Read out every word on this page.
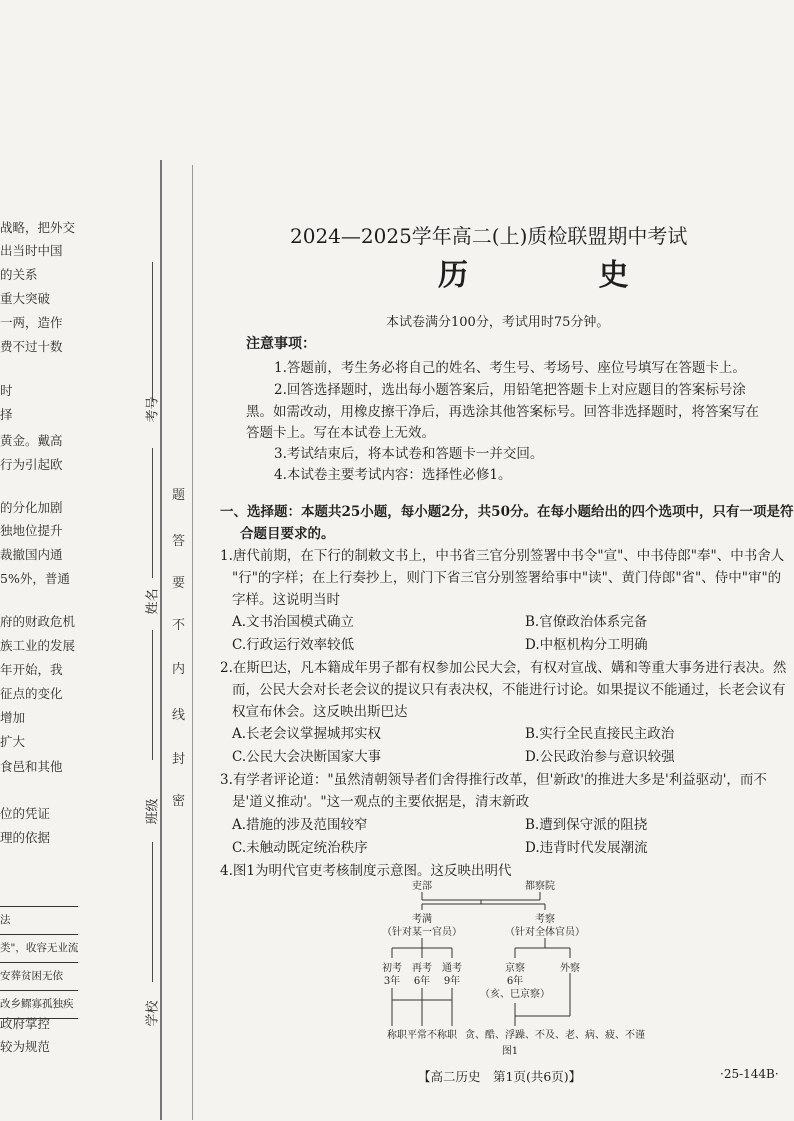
战略，把外交
出当时中国
的关系
重大突破
一两，造作
费不过十数
时
择
黄金。戴高
行为引起欧
的分化加剧
独地位提升
裁撤国内通
5%外，普通
府的财政危机
族工业的发展
年开始，我
征点的变化
增加
扩大
食邑和其他
位的凭证
理的依据
政府掌控
较为规范
法
类"，收容无业流
安葬贫困无依
改乡鳏寡孤独疾
考号
姓名
班级
学校
题
答
要
不
内
线
封
密
2024—2025学年高二(上)质检联盟期中考试
历 史
本试卷满分100分，考试用时75分钟。
注意事项：
1.答题前，考生务必将自己的姓名、考生号、考场号、座位号填写在答题卡上。
2.回答选择题时，选出每小题答案后，用铅笔把答题卡上对应题目的答案标号涂
黑。如需改动，用橡皮擦干净后，再选涂其他答案标号。回答非选择题时，将答案写在
答题卡上。写在本试卷上无效。
3.考试结束后，将本试卷和答题卡一并交回。
4.本试卷主要考试内容：选择性必修1。
一、选择题：本题共25小题，每小题2分，共50分。在每小题给出的四个选项中，只有一项是符
合题目要求的。
1.唐代前期，在下行的制敕文书上，中书省三官分别签署中书令"宣"、中书侍郎"奉"、中书舍人
"行"的字样；在上行奏抄上，则门下省三官分别签署给事中"读"、黄门侍郎"省"、侍中"审"的
字样。这说明当时
A.文书治国模式确立	B.官僚政治体系完备
C.行政运行效率较低	D.中枢机构分工明确
2.在斯巴达，凡本籍成年男子都有权参加公民大会，有权对宣战、媾和等重大事务进行表决。然
而，公民大会对长老会议的提议只有表决权，不能进行讨论。如果提议不能通过，长老会议有
权宣布休会。这反映出斯巴达
A.长老会议掌握城邦实权	B.实行全民直接民主政治
C.公民大会决断国家大事	D.公民政治参与意识较强
3.有学者评论道："虽然清朝领导者们舍得推行改革，但'新政'的推进大多是'利益驱动'，而不
是'道义推动'。"这一观点的主要依据是，清末新政
A.措施的涉及范围较窄	B.遭到保守派的阻挠
C.未触动既定统治秩序	D.违背时代发展潮流
4.图1为明代官吏考核制度示意图。这反映出明代
吏部	都察院
考满
（针对某一官员）
考察
（针对全体官员）
初考 再考 通考
3年 6年 9年
京察
6年
（亥、巳京察）
外察
称职平常不称职 贪、酷、浮躁、不及、老、病、疲、不谨
图1
【高二历史　第1页(共6页)】	·25-144B·
